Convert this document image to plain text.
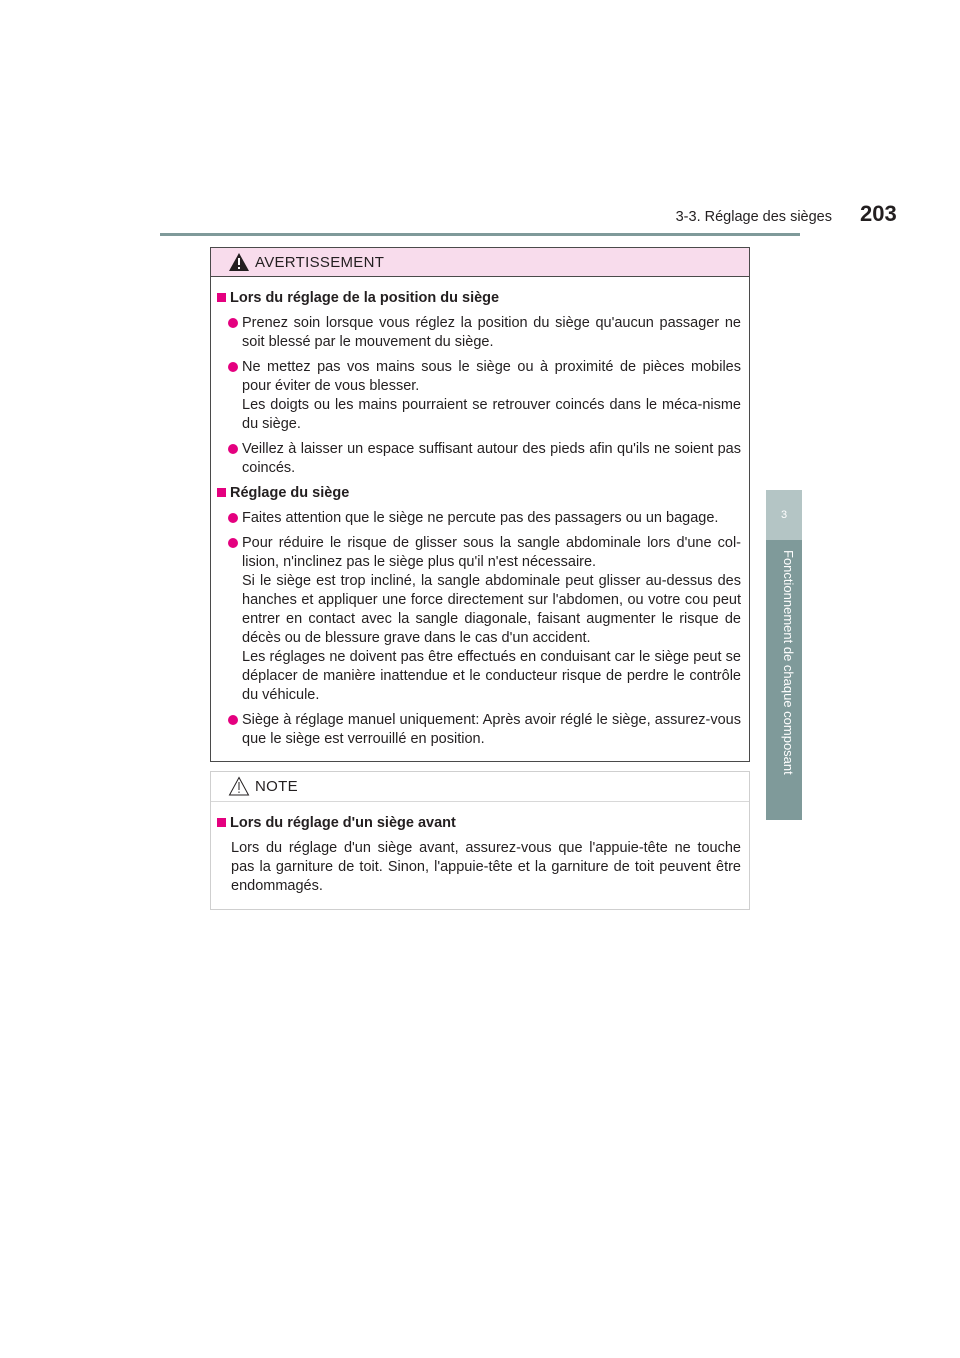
3-3. Réglage des sièges 203
3
Fonctionnement de chaque composant
AVERTISSEMENT
Lors du réglage de la position du siège
Prenez soin lorsque vous réglez la position du siège qu'aucun passager ne soit blessé par le mouvement du siège.
Ne mettez pas vos mains sous le siège ou à proximité de pièces mobiles pour éviter de vous blesser.
Les doigts ou les mains pourraient se retrouver coincés dans le méca-nisme du siège.
Veillez à laisser un espace suffisant autour des pieds afin qu'ils ne soient pas coincés.
Réglage du siège
Faites attention que le siège ne percute pas des passagers ou un bagage.
Pour réduire le risque de glisser sous la sangle abdominale lors d'une col-lision, n'inclinez pas le siège plus qu'il n'est nécessaire.
Si le siège est trop incliné, la sangle abdominale peut glisser au-dessus des hanches et appliquer une force directement sur l'abdomen, ou votre cou peut entrer en contact avec la sangle diagonale, faisant augmenter le risque de décès ou de blessure grave dans le cas d'un accident.
Les réglages ne doivent pas être effectués en conduisant car le siège peut se déplacer de manière inattendue et le conducteur risque de perdre le contrôle du véhicule.
Siège à réglage manuel uniquement: Après avoir réglé le siège, assurez-vous que le siège est verrouillé en position.
NOTE
Lors du réglage d'un siège avant
Lors du réglage d'un siège avant, assurez-vous que l'appuie-tête ne touche pas la garniture de toit. Sinon, l'appuie-tête et la garniture de toit peuvent être endommagés.
